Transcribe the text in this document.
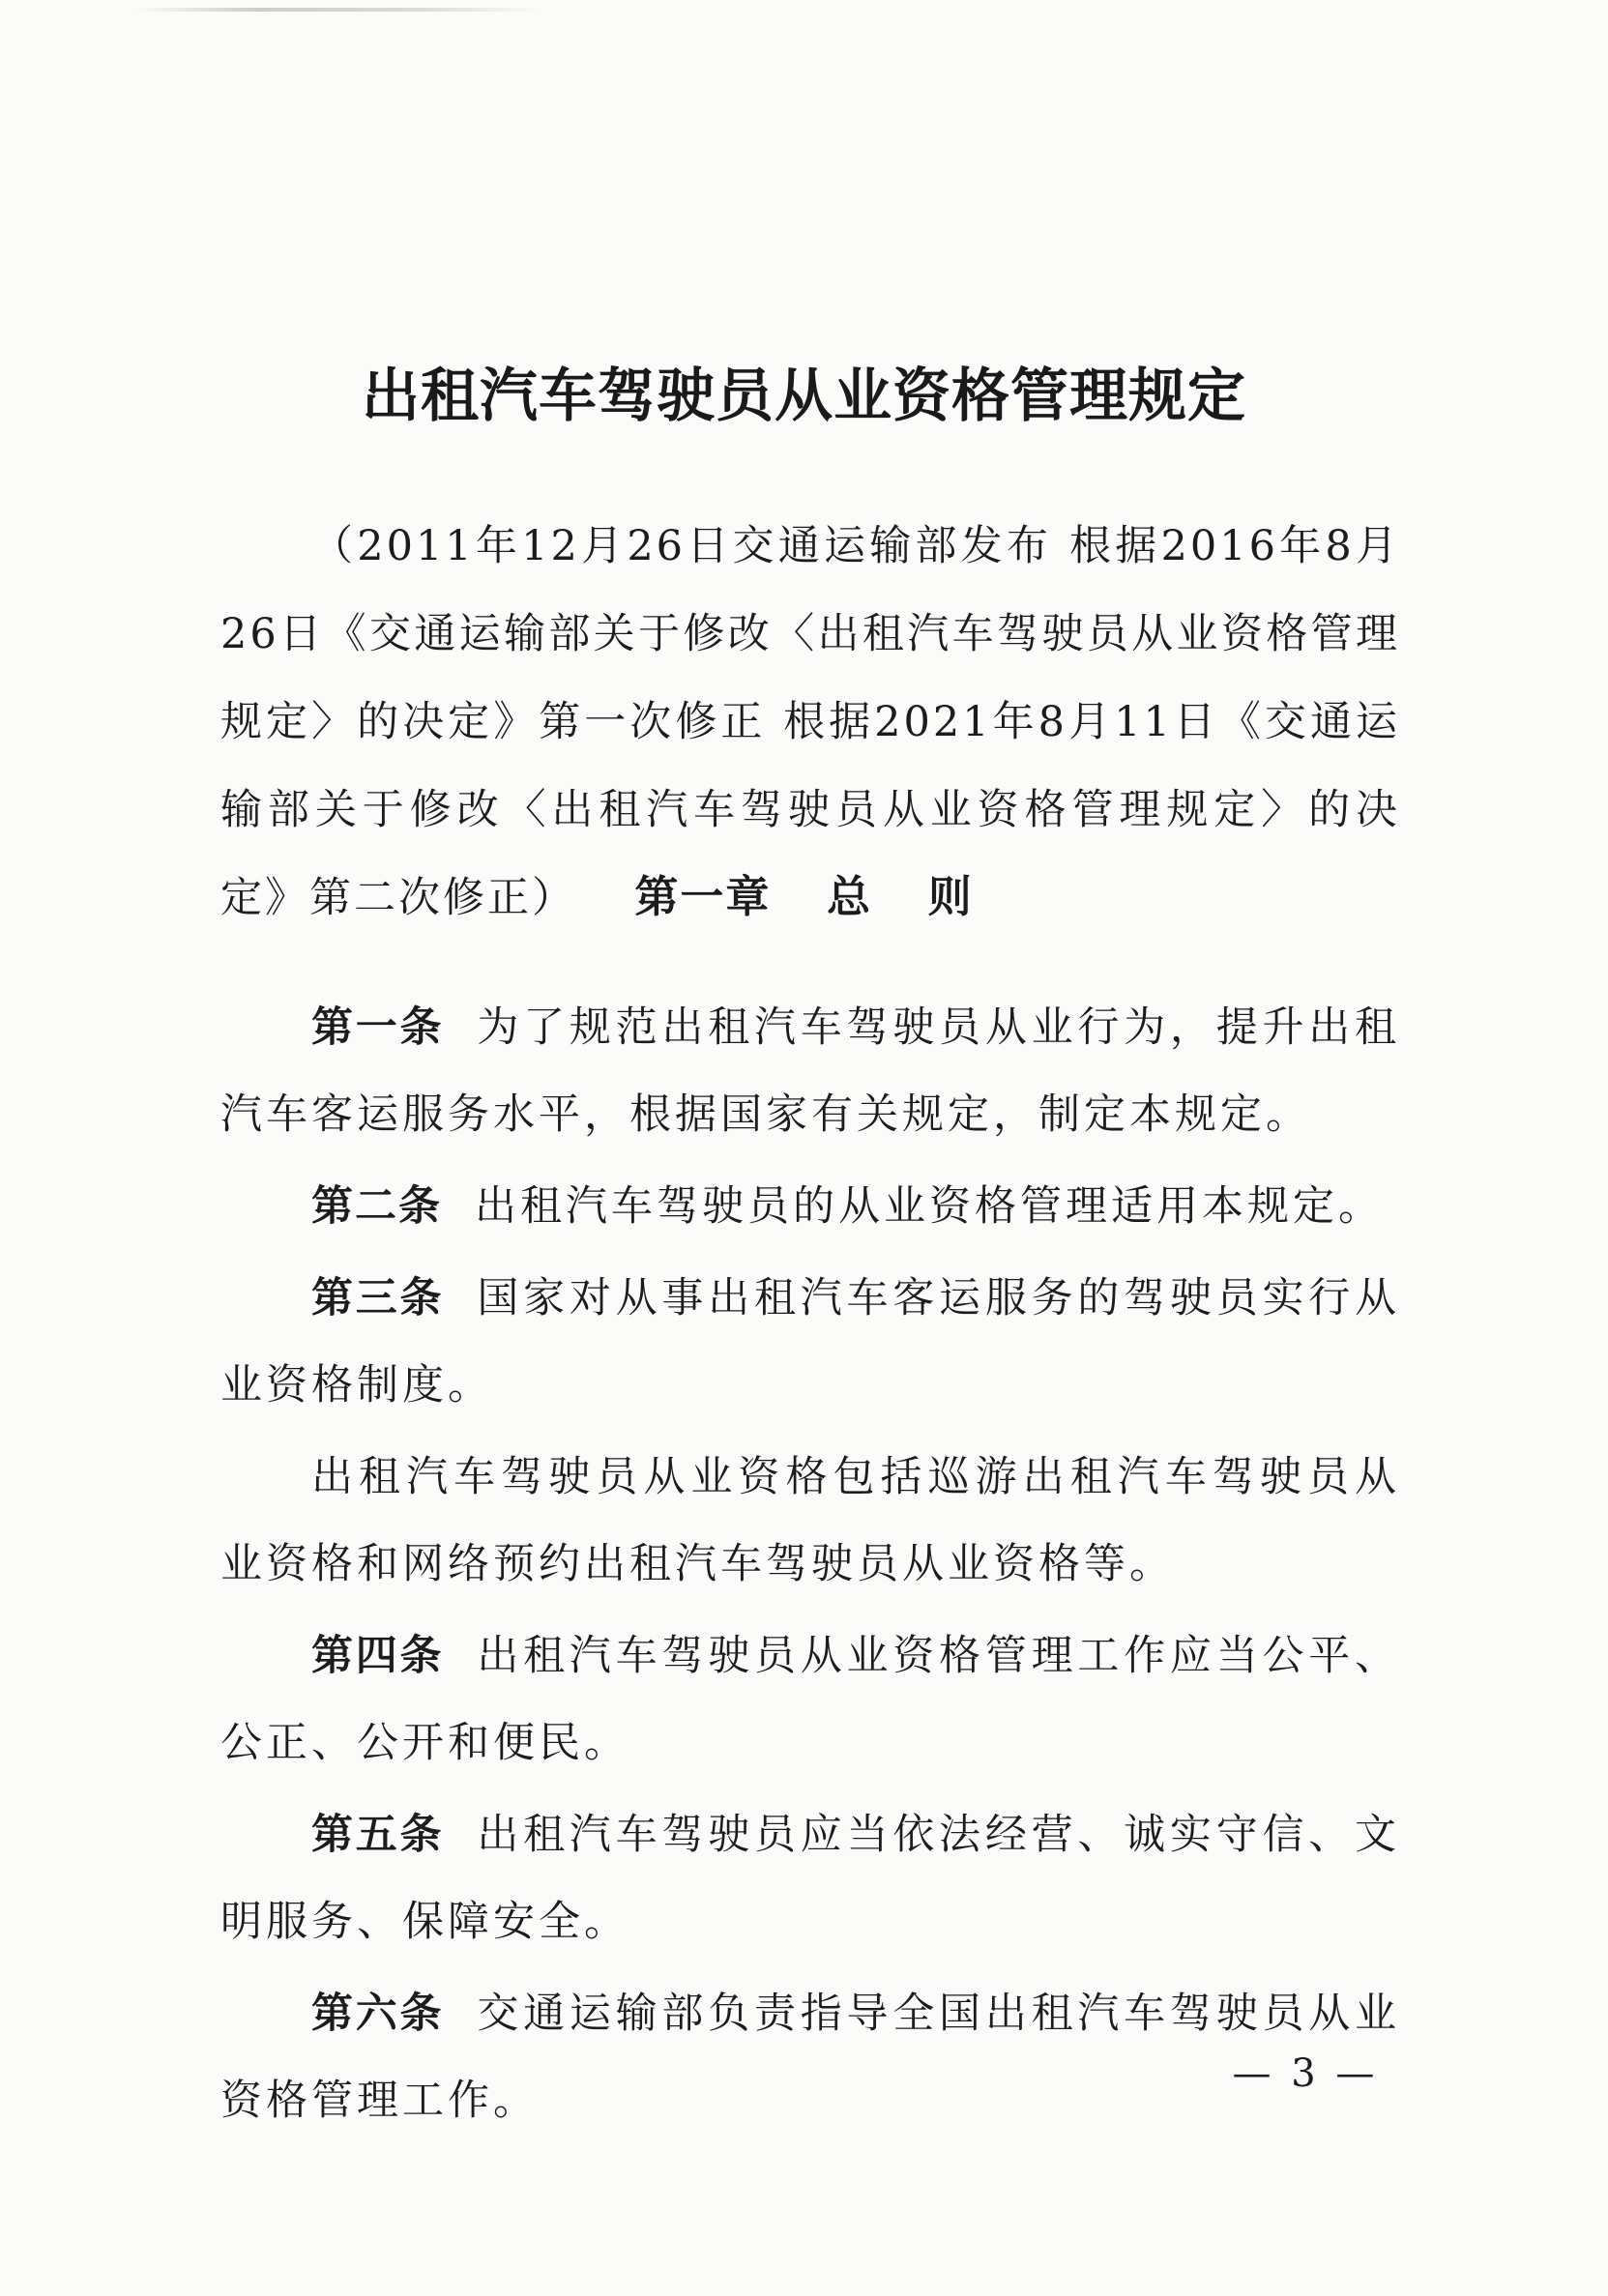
出租汽车驾驶员从业资格管理规定
（2011年12月26日交通运输部发布 根据2016年8月26日《交通运输部关于修改〈出租汽车驾驶员从业资格管理规定〉的决定》第一次修正 根据2021年8月11日《交通运输部关于修改〈出租汽车驾驶员从业资格管理规定〉的决定》第二次修正）	第一章 总 则

第一条 为了规范出租汽车驾驶员从业行为，提升出租汽车客运服务水平，根据国家有关规定，制定本规定。

第二条 出租汽车驾驶员的从业资格管理适用本规定。

第三条 国家对从事出租汽车客运服务的驾驶员实行从业资格制度。

出租汽车驾驶员从业资格包括巡游出租汽车驾驶员从业资格和网络预约出租汽车驾驶员从业资格等。

第四条 出租汽车驾驶员从业资格管理工作应当公平、公正、公开和便民。

第五条 出租汽车驾驶员应当依法经营、诚实守信、文明服务、保障安全。

第六条 交通运输部负责指导全国出租汽车驾驶员从业资格管理工作。

— 3 —
